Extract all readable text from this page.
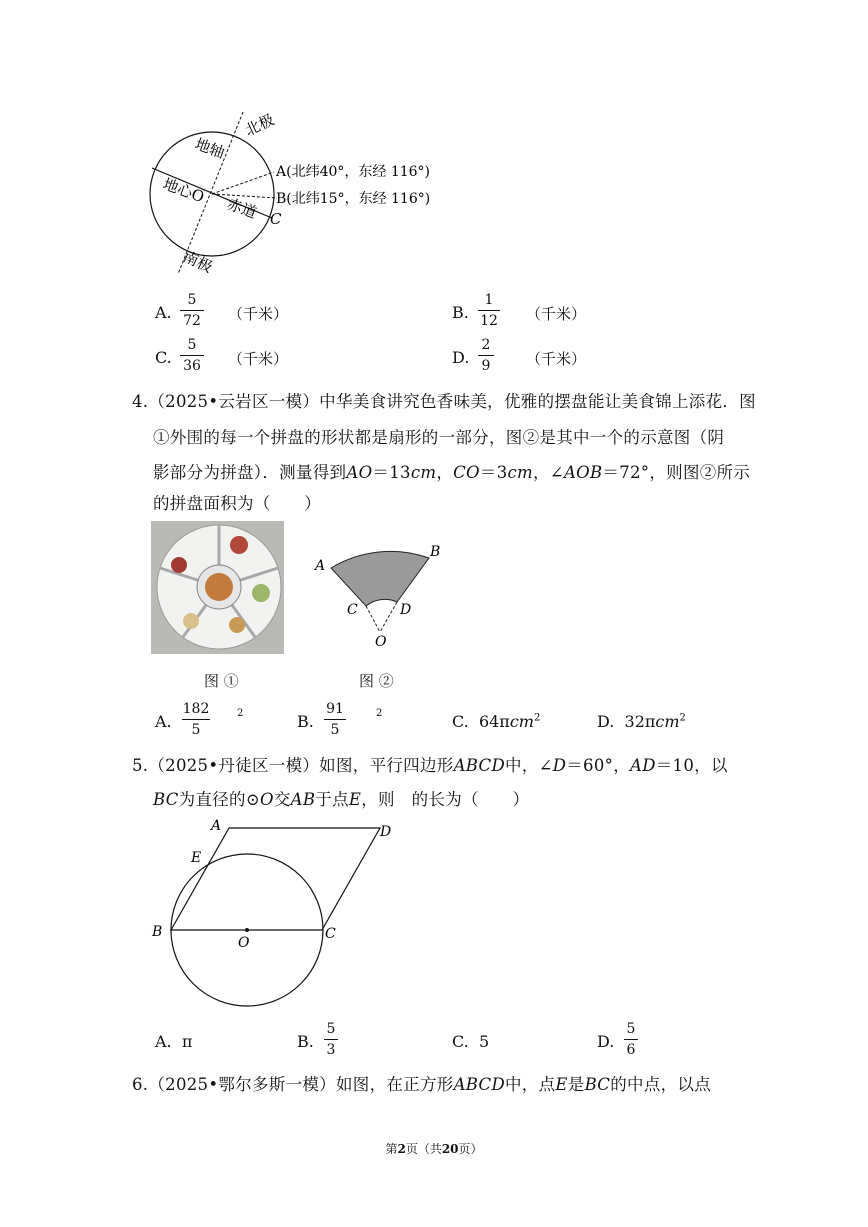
北极
地轴
地心O
赤道
A(北纬40°，东经 116°)
B(北纬15°，东经 116°)
C
南极
A.
5
72 （千米）	B.
1
12 （千米）
C.
5
36 （千米）	D.
2
9 （千米）
4.（2025•云岩区一模）中华美食讲究色香味美，优雅的摆盘能让美食锦上添花．图
①外围的每一个拼盘的形状都是扇形的一部分，图②是其中一个的示意图（阴
影部分为拼盘）．测量得到AO＝13cm，CO＝3cm，∠AOB＝72°，则图②所示
的拼盘面积为（　　）
图 ①
A
B
C	D
O
图 ②
A.
182
5
2	B.
91
5
2	C. 64πcm$^2$	D. 32πcm$^2$
5.（2025•丹徒区一模）如图，平行四边形ABCD中，∠D＝60°，AD＝10，以
BC为直径的⊙O交AB于点E，则　的长为（　　）
A	D
E
B
O
C
A. π	B.
5
3	C. 5	D.
5
6
6.（2025•鄂尔多斯一模）如图，在正方形ABCD中，点E是BC的中点，以点
第2页（共20页）
